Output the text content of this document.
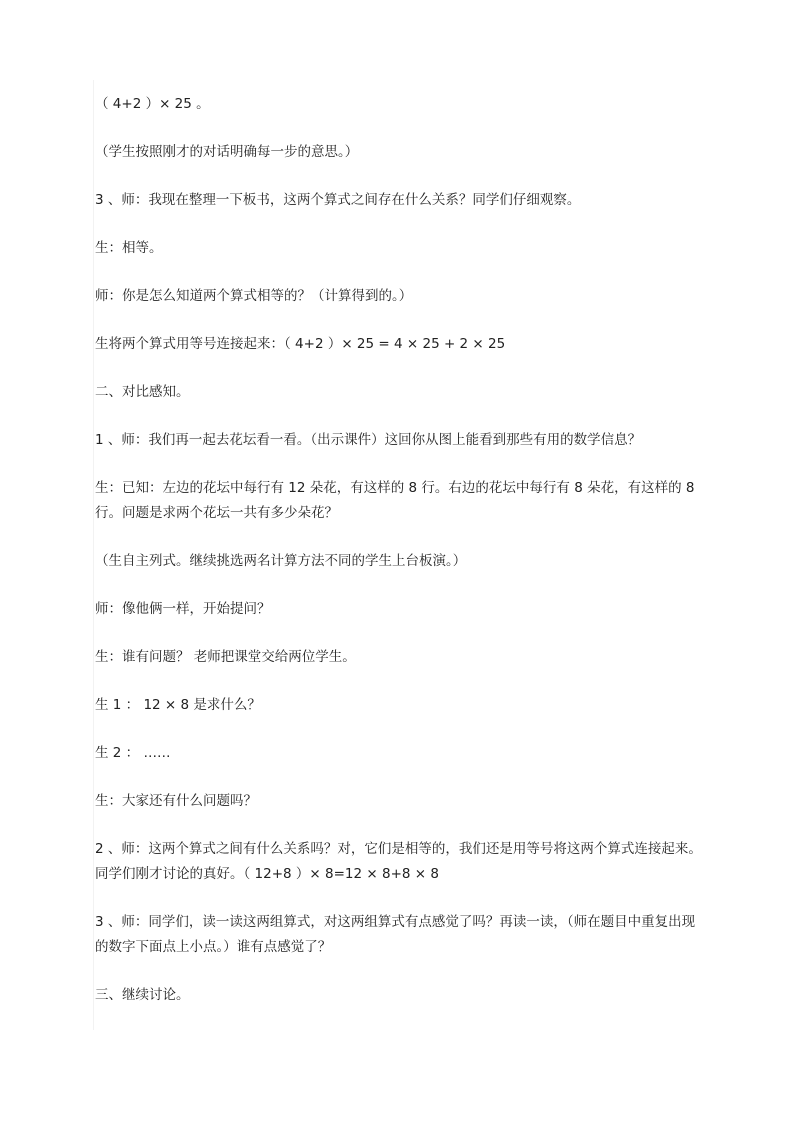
（ 4+2 ）× 25 。

（学生按照刚才的对话明确每一步的意思。）

3 、师：我现在整理一下板书，这两个算式之间存在什么关系？同学们仔细观察。

生：相等。

师：你是怎么知道两个算式相等的？（计算得到的。）

生将两个算式用等号连接起来：（ 4+2 ）× 25 = 4 × 25 + 2 × 25

二、对比感知。

1 、师：我们再一起去花坛看一看。（出示课件）这回你从图上能看到那些有用的数学信息？

生：已知：左边的花坛中每行有 12 朵花，有这样的 8 行。右边的花坛中每行有 8 朵花，有这样的 8 行。问题是求两个花坛一共有多少朵花？

（生自主列式。继续挑选两名计算方法不同的学生上台板演。）

师：像他俩一样，开始提问？

生：谁有问题？ 老师把课堂交给两位学生。

生 1 ： 12 × 8 是求什么？

生 2 ： ……

生：大家还有什么问题吗？

2 、师：这两个算式之间有什么关系吗？对，它们是相等的，我们还是用等号将这两个算式连接起来。同学们刚才讨论的真好。（ 12+8 ）× 8=12 × 8+8 × 8

3 、师：同学们，读一读这两组算式，对这两组算式有点感觉了吗？再读一读，（师在题目中重复出现的数字下面点上小点。）谁有点感觉了？

三、继续讨论。
